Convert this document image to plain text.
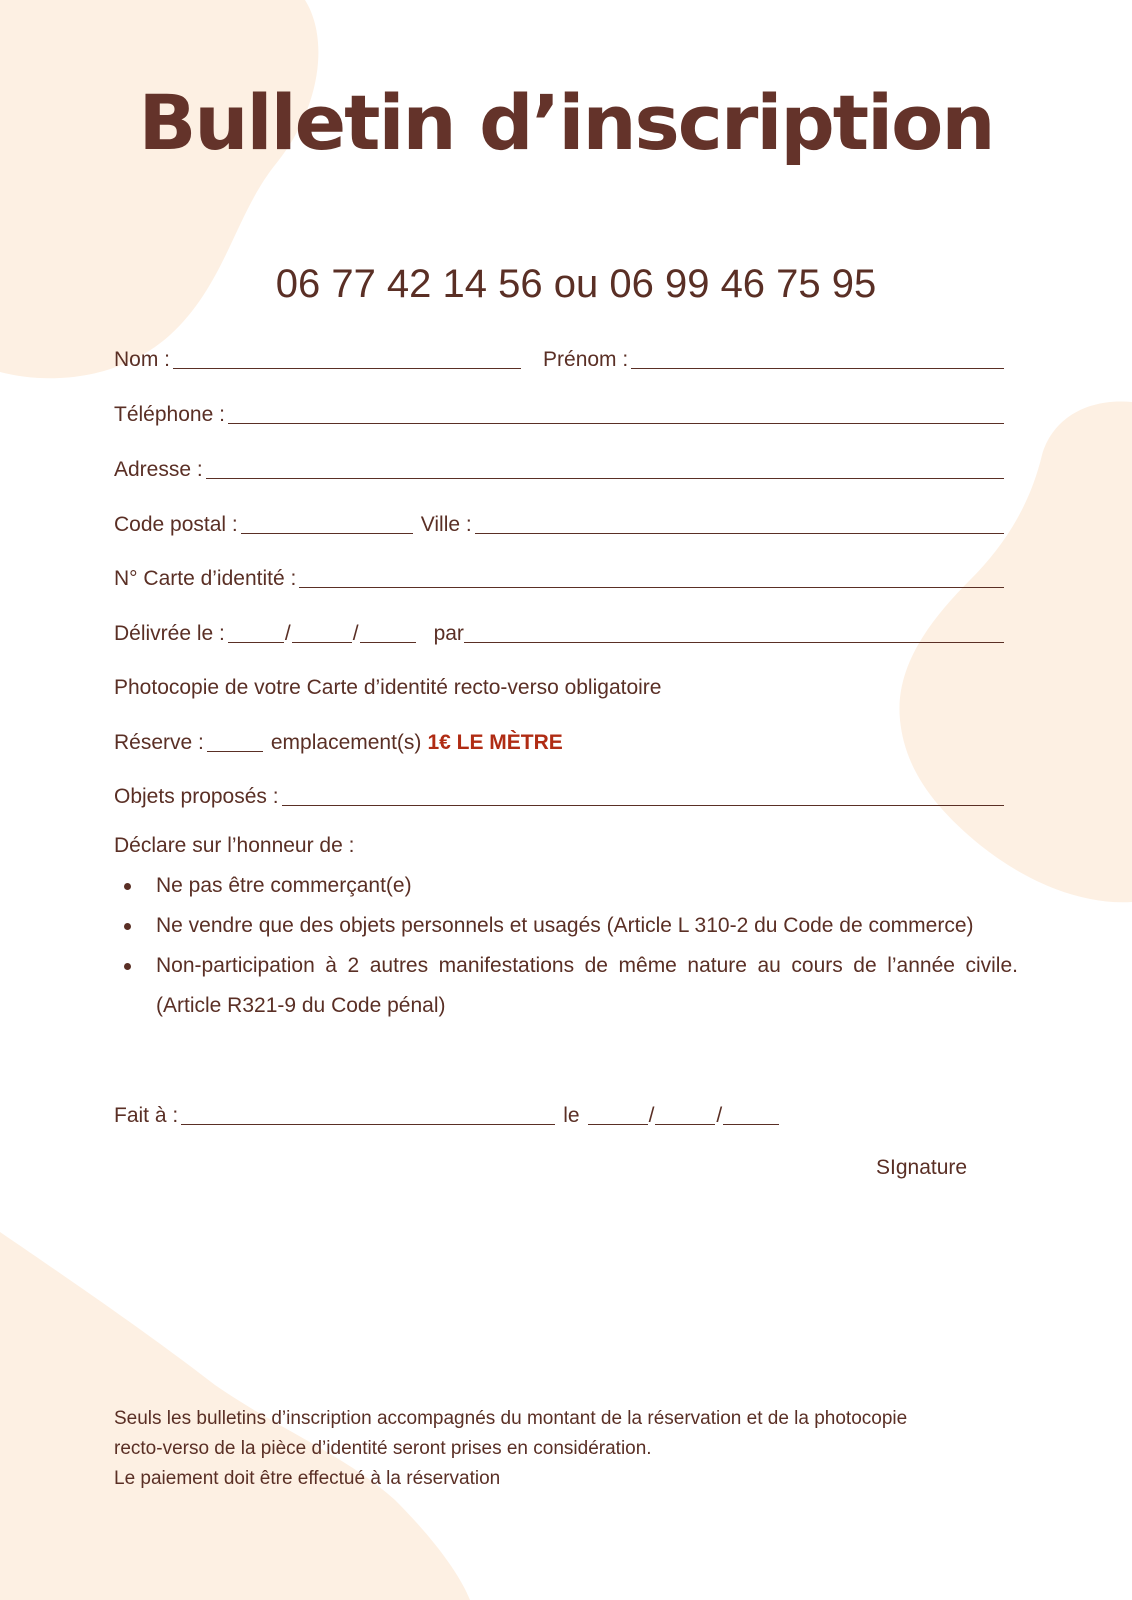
Bulletin d’inscription
06 77 42 14 56 ou 06 99 46 75 95
Nom :	Prénom :
Téléphone :
Adresse :
Code postal :	Ville :
N° Carte d’identité :
Délivrée le :	/	/	par
Photocopie de votre Carte d’identité recto-verso obligatoire
Réserve :	emplacement(s) 1€ LE MÈTRE
Objets proposés :
Déclare sur l’honneur de :
Ne pas être commerçant(e)
Ne vendre que des objets personnels et usagés (Article L 310-2 du Code de commerce)
Non-participation à 2 autres manifestations de même nature au cours de l’année civile. (Article R321-9 du Code pénal)
Fait à :	le	/	/
SIgnature
Seuls les bulletins d’inscription accompagnés du montant de la réservation et de la photocopie
recto-verso de la pièce d’identité seront prises en considération.
Le paiement doit être effectué à la réservation
